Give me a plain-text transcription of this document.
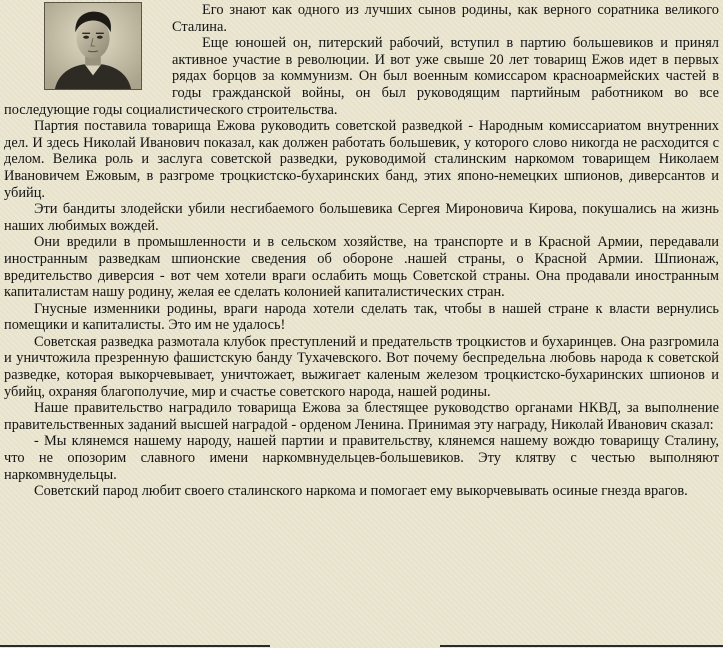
Его знают как одного из лучших сынов родины, как верного соратника великого Сталина.

Еще юношей он, питерский рабочий, вступил в партию большевиков и принял активное участие в революции. И вот уже свыше 20 лет товарищ Ежов идет в первых рядах борцов за коммунизм. Он был военным комиссаром красноармейских частей в годы гражданской войны, он был руководящим партийным работником во все последующие годы социалистического строительства.

Партия поставила товарища Ежова руководить советской разведкой - Народным комиссариатом внутренних дел. И здесь Николай Иванович показал, как должен работать большевик, у которого слово никогда не расходится с делом. Велика роль и заслуга советской разведки, руководимой сталинским наркомом товарищем Николаем Ивановичем Ежовым, в разгроме троцкистско-бухаринских банд, этих японо-немецких шпионов, диверсантов и убийц.

Эти бандиты злодейски убили несгибаемого большевика Сергея Мироновича Кирова, покушались на жизнь наших любимых вождей.

Они вредили в промышленности и в сельском хозяйстве, на транспорте и в Красной Армии, передавали иностранным разведкам шпионские сведения об обороне .нашей страны, о Красной Армии. Шпионаж, вредительство диверсия - вот чем хотели враги ослабить мощь Советской страны. Она продавали иностранным капиталистам нашу родину, желая ее сделать колонией капиталистических стран.

Гнусные изменники родины, враги народа хотели сделать так, чтобы в нашей стране к власти вернулись помещики и капиталисты. Это им не удалось!

Советская разведка размотала клубок преступлений и предательств троцкистов и бухаринцев. Она разгромила и уничтожила презренную фашистскую банду Тухачевского. Вот почему беспредельна любовь народа к советской разведке, которая выкорчевывает, уничтожает, выжигает каленым железом троцкистско-бухаринских шпионов и убийц, охраняя благополучие, мир и счастье советского народа, нашей родины.

Наше правительство наградило товарища Ежова за блестящее руководство органами НКВД, за выполнение правительственных заданий высшей наградой - орденом Ленина. Принимая эту награду, Николай Иванович сказал:

- Мы клянемся нашему народу, нашей партии и правительству, клянемся нашему вождю товарищу Сталину, что не опозорим славного имени наркомвнудельцев-большевиков. Эту клятву с честью выполняют наркомвнудельцы.

Советский парод любит своего сталинского наркома и помогает ему выкорчевывать осиные гнезда врагов.
